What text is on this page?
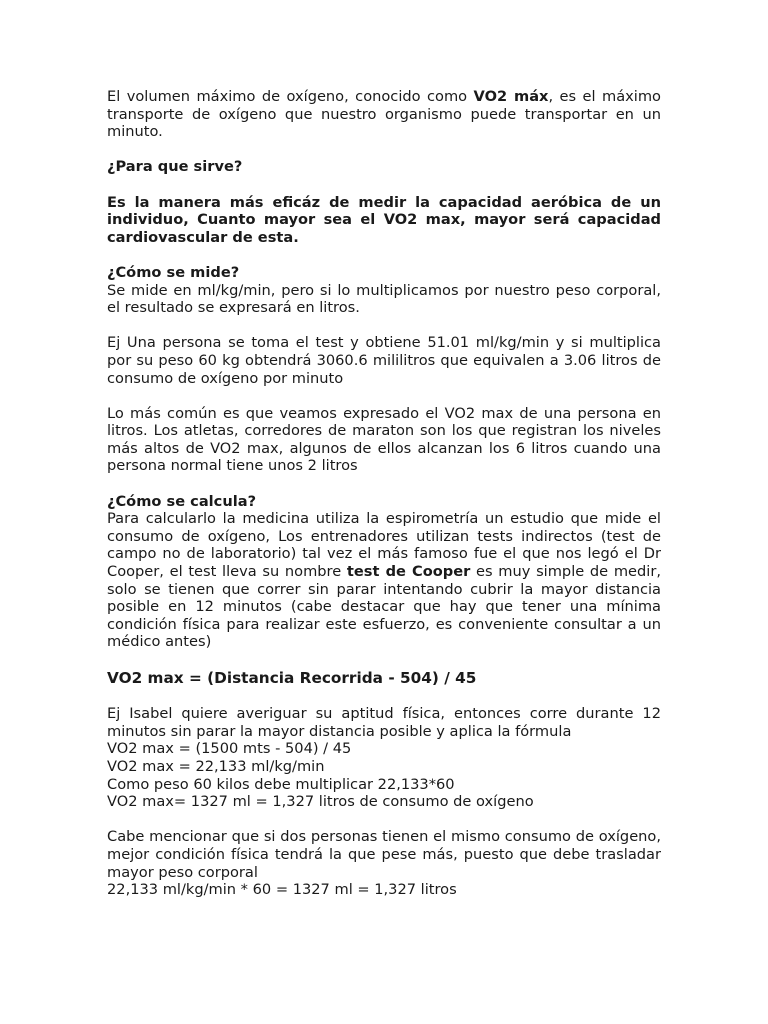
El volumen máximo de oxígeno, conocido como VO2 máx, es el máximo transporte de oxígeno que nuestro organismo puede transportar en un minuto.

¿Para que sirve?

Es la manera más eficáz de medir la capacidad aeróbica de un individuo, Cuanto mayor sea el VO2 max, mayor será capacidad cardiovascular de esta.

¿Cómo se mide?

Se mide en ml/kg/min, pero si lo multiplicamos por nuestro peso corporal, el resultado se expresará en litros.

Ej Una persona se toma el test y obtiene 51.01 ml/kg/min y si multiplica por su peso 60 kg obtendrá 3060.6 mililitros que equivalen a 3.06 litros de consumo de oxígeno por minuto

Lo más común es que veamos expresado el VO2 max de una persona en litros. Los atletas, corredores de maraton son los que registran los niveles más altos de VO2 max, algunos de ellos alcanzan los 6 litros cuando una persona normal tiene unos 2 litros

¿Cómo se calcula?

Para calcularlo la medicina utiliza la espirometría un estudio que mide el consumo de oxígeno, Los entrenadores utilizan tests indirectos (test de campo no de laboratorio) tal vez el más famoso fue el que nos legó el Dr Cooper, el test lleva su nombre test de Cooper es muy simple de medir, solo se tienen que correr sin parar intentando cubrir la mayor distancia posible en 12 minutos (cabe destacar que hay que tener una mínima condición física para realizar este esfuerzo, es conveniente consultar a un médico antes)

VO2 max = (Distancia Recorrida - 504) / 45

Ej Isabel quiere averiguar su aptitud física, entonces corre durante 12 minutos sin parar la mayor distancia posible y aplica la fórmula
VO2 max = (1500 mts - 504) / 45
VO2 max = 22,133 ml/kg/min
Como peso 60 kilos debe multiplicar 22,133*60
VO2 max= 1327 ml = 1,327 litros de consumo de oxígeno

Cabe mencionar que si dos personas tienen el mismo consumo de oxígeno, mejor condición física tendrá la que pese más, puesto que debe trasladar mayor peso corporal
22,133 ml/kg/min * 60 = 1327 ml = 1,327 litros
